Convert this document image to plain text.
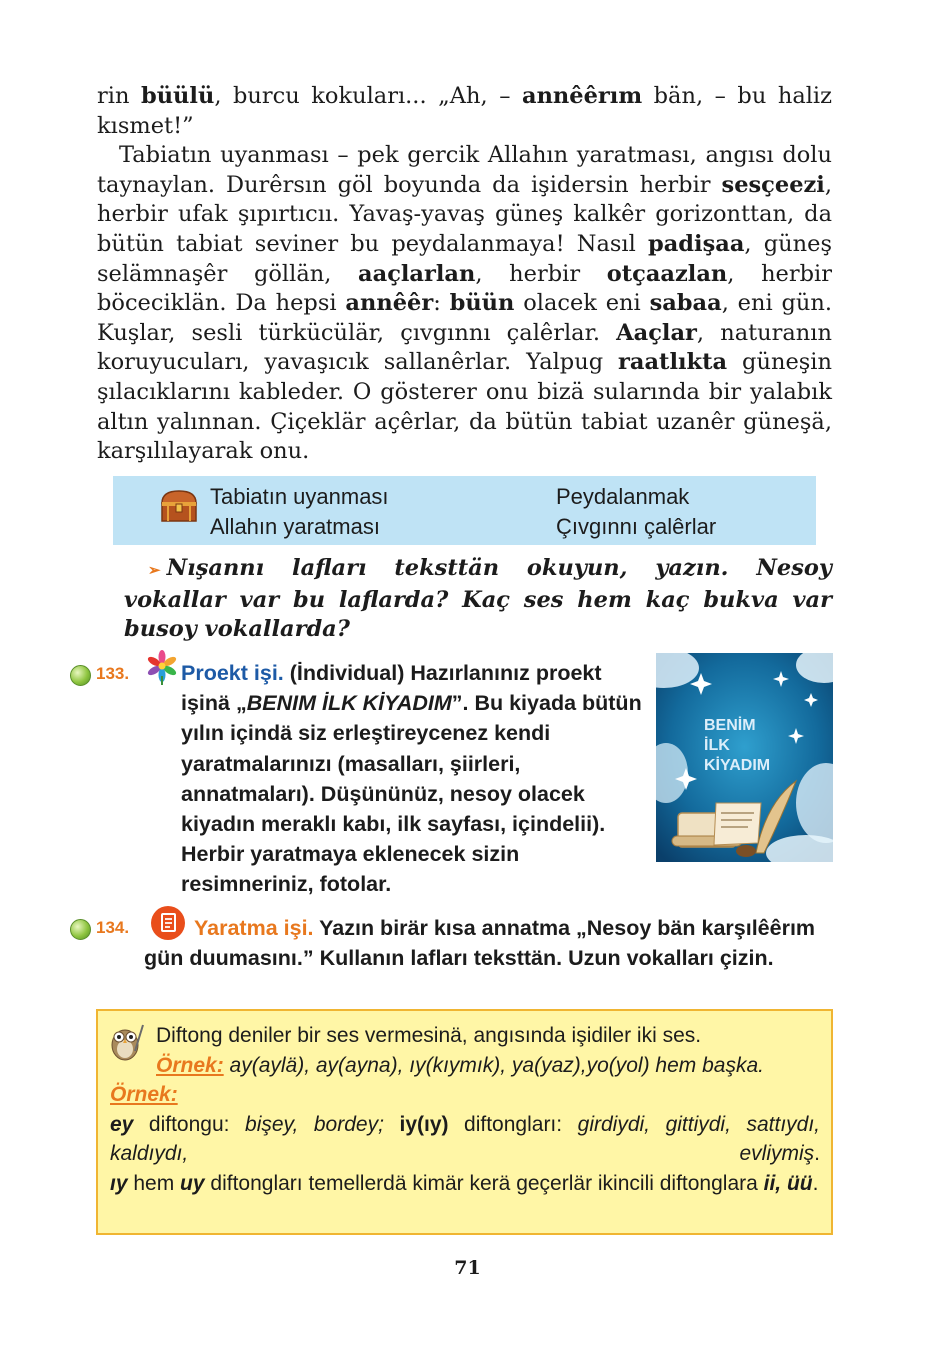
rin büülü, burcu kokuları... „Ah, – annêêrım bän, – bu haliz kısmet!”

Tabiatın uyanması – pek gercik Allahın yaratması, angısı dolu taynaylan. Durêrsın göl boyunda da işidersin herbir sesçeezi, herbir ufak şıpırtıcıı. Yavaş-yavaş güneş kalkêr gorizonttan, da bütün tabiat seviner bu peydalanmaya! Nasıl padişaa, güneş selämnaşêr göllän, aaçlarlan, herbir otçaazlan, herbir böceciklän. Da hepsi annêêr: büün olacek eni sabaa, eni gün. Kuşlar, sesli türkücülär, çıvgınnı çalêrlar. Aaçlar, naturanın koruyucuları, yavaşıcık sallanêrlar. Yalpug raatlıkta güneşin şılacıklarını kableder. O gösterer onu bizä sularında bir yalabık altın yalınnan. Çiçeklär açêrlar, da bütün tabiat uzanêr güneşä, karşılılayarak onu.

Tabiatın uyanması
Allahın yaratması
Peydalanmak
Çıvgınnı çalêrlar
➢ Nışannı lafları teksttän okuyun, yazın. Nesoy vokallar var bu laflarda? Kaç ses hem kaç bukva var busoy vokallarda?
133. Proekt işi. (İndividual) Hazırlanınız proekt işinä „BENIM İLK KİYADIM”. Bu kiyada bütün yılın içindä siz erleştireycenez kendi yaratmalarınızı (masalları, şiirleri, annatmaları). Düşününüz, nesoy olacek kiyadın meraklı kabı, ilk sayfası, içindelii). Herbir yaratmaya eklenecek sizin resimneriniz, fotolar.
BENİM
İLK
KİYADIM
134.	Yaratma işi. Yazın birär kısa annatma „Nesoy bän karşılêêrım gün duumasını.” Kullanın lafları teksttän. Uzun vokalları çizin.
Diftong deniler bir ses vermesinä, angısında işidiler iki ses.
Örnek: ay(aylä), ay(ayna), ıy(kıymık), ya(yaz),yo(yol) hem başka.
Örnek:
ey diftongu: bişey, bordey; iy(ıy) diftongları: girdiydi, gittiydi, sattıydı, kaldıydı, evliymiş.
ıy hem uy diftongları temellerdä kimär kerä geçerlär ikincili diftonglara ii, üü.
71
